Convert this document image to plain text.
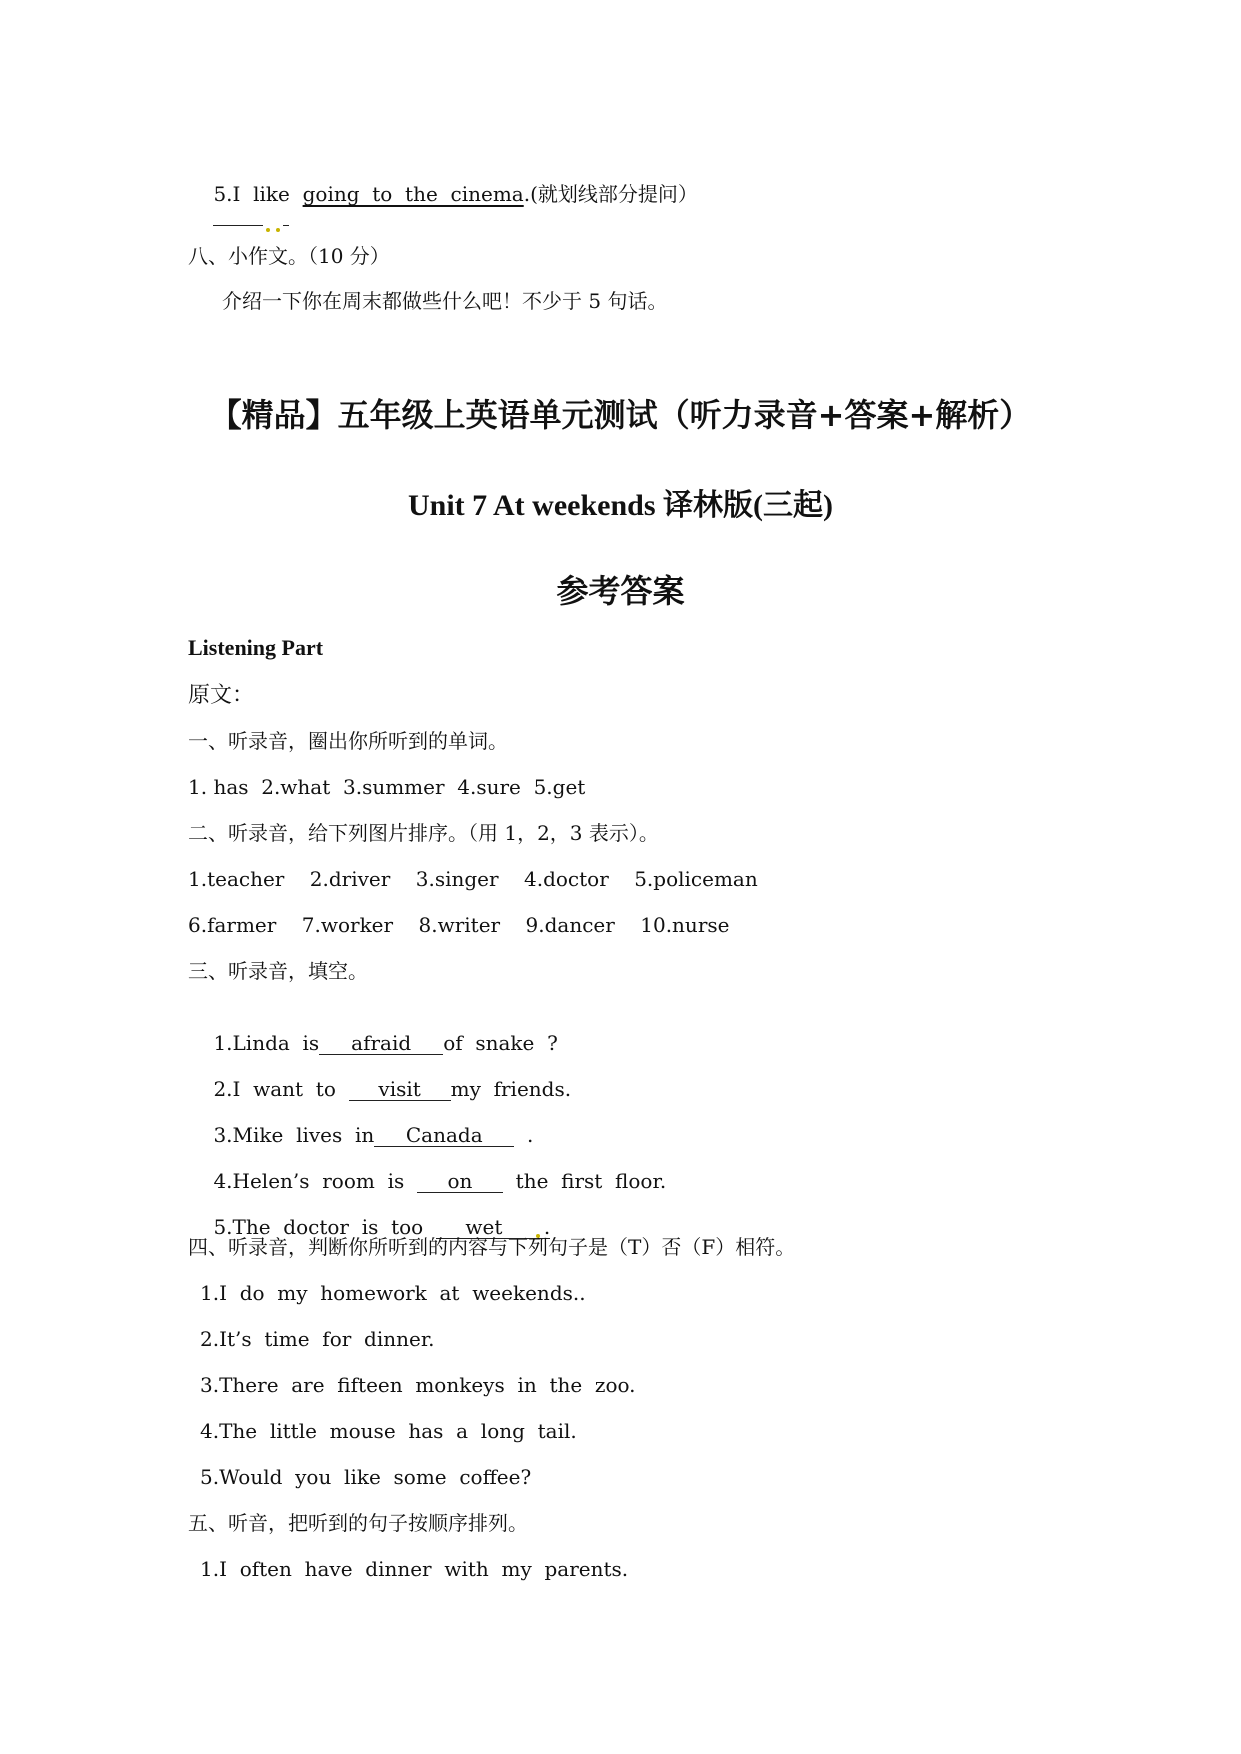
5.I  like  going  to  the  cinema.(就划线部分提问）

八、小作文。（10 分）
介绍一下你在周末都做些什么吧！不少于 5 句话。
【精品】五年级上英语单元测试（听力录音+答案+解析）
Unit 7 At weekends 译林版(三起)
参考答案
Listening Part
原文：
一、听录音，圈出你所听到的单词。
1. has  2.what  3.summer  4.sure  5.get
二、听录音，给下列图片排序。（用 1，2，3 表示）。
1.teacher    2.driver    3.singer    4.doctor    5.policeman
6.farmer    7.worker    8.writer    9.dancer    10.nurse
三、听录音，填空。

1.Linda  is afraid of  snake  ?

2.I  want  to  visit my  friends.

3.Mike  lives  in Canada  .

4.Helen’s  room  is  on  the  first  floor.

5.The  doctor  is  too  wet .

四、听录音，判断你所听到的内容与下列句子是（T）否（F）相符。
1.I  do  my  homework  at  weekends..
2.It’s  time  for  dinner.
3.There  are  fifteen  monkeys  in  the  zoo.
4.The  little  mouse  has  a  long  tail.
5.Would  you  like  some  coffee?
五、听音，把听到的句子按顺序排列。
1.I  often  have  dinner  with  my  parents.
